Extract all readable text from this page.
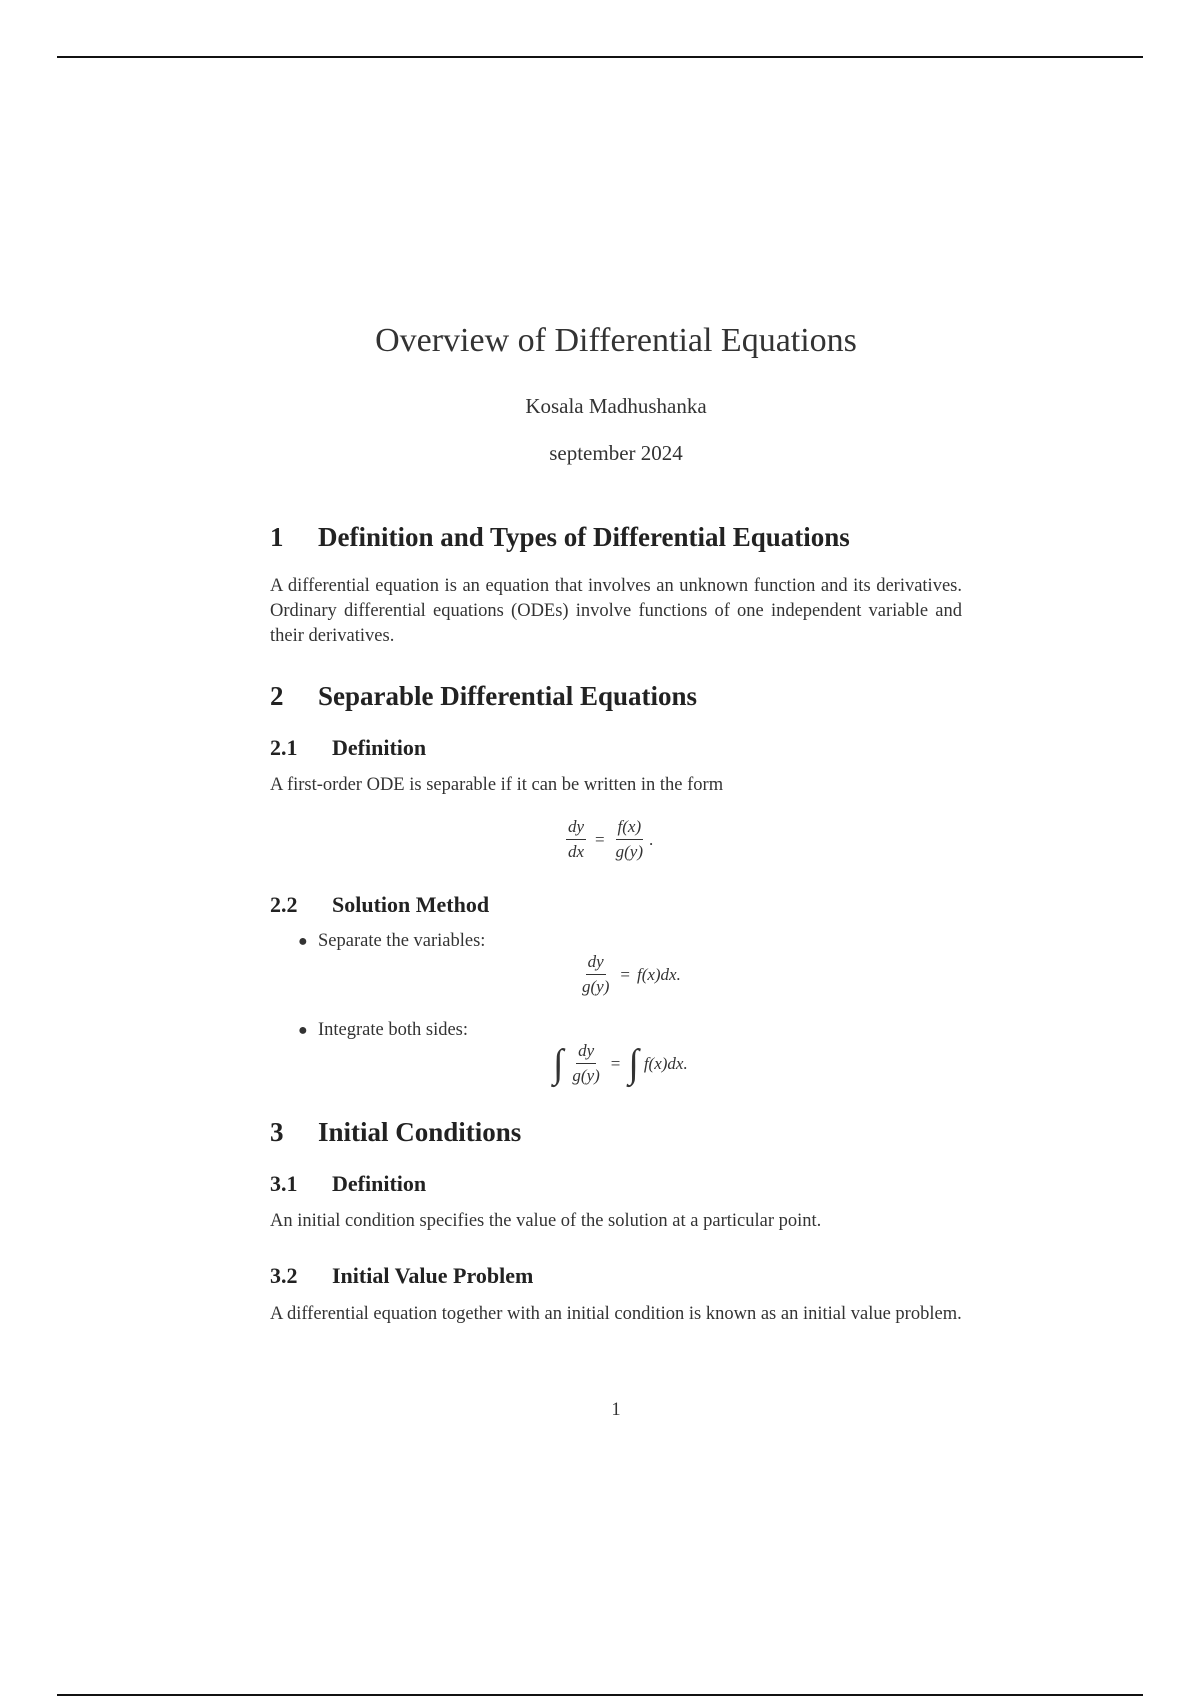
Overview of Differential Equations
Kosala Madhushanka
september 2024
1 Definition and Types of Differential Equations
A differential equation is an equation that involves an unknown function and its derivatives. Ordinary differential equations (ODEs) involve functions of one independent variable and their derivatives.
2 Separable Differential Equations
2.1 Definition
A first-order ODE is separable if it can be written in the form
$\frac{dy}{dx} = \frac{f(x)}{g(y)}$ .
2.2 Solution Method
● Separate the variables:
$\frac{dy}{g(y)} = f(x)dx$.
● Integrate both sides:
∫ $\frac{dy}{g(y)}$ = ∫ f(x)dx.
3 Initial Conditions
3.1 Definition
An initial condition specifies the value of the solution at a particular point.
3.2 Initial Value Problem
A differential equation together with an initial condition is known as an initial value problem.
1
